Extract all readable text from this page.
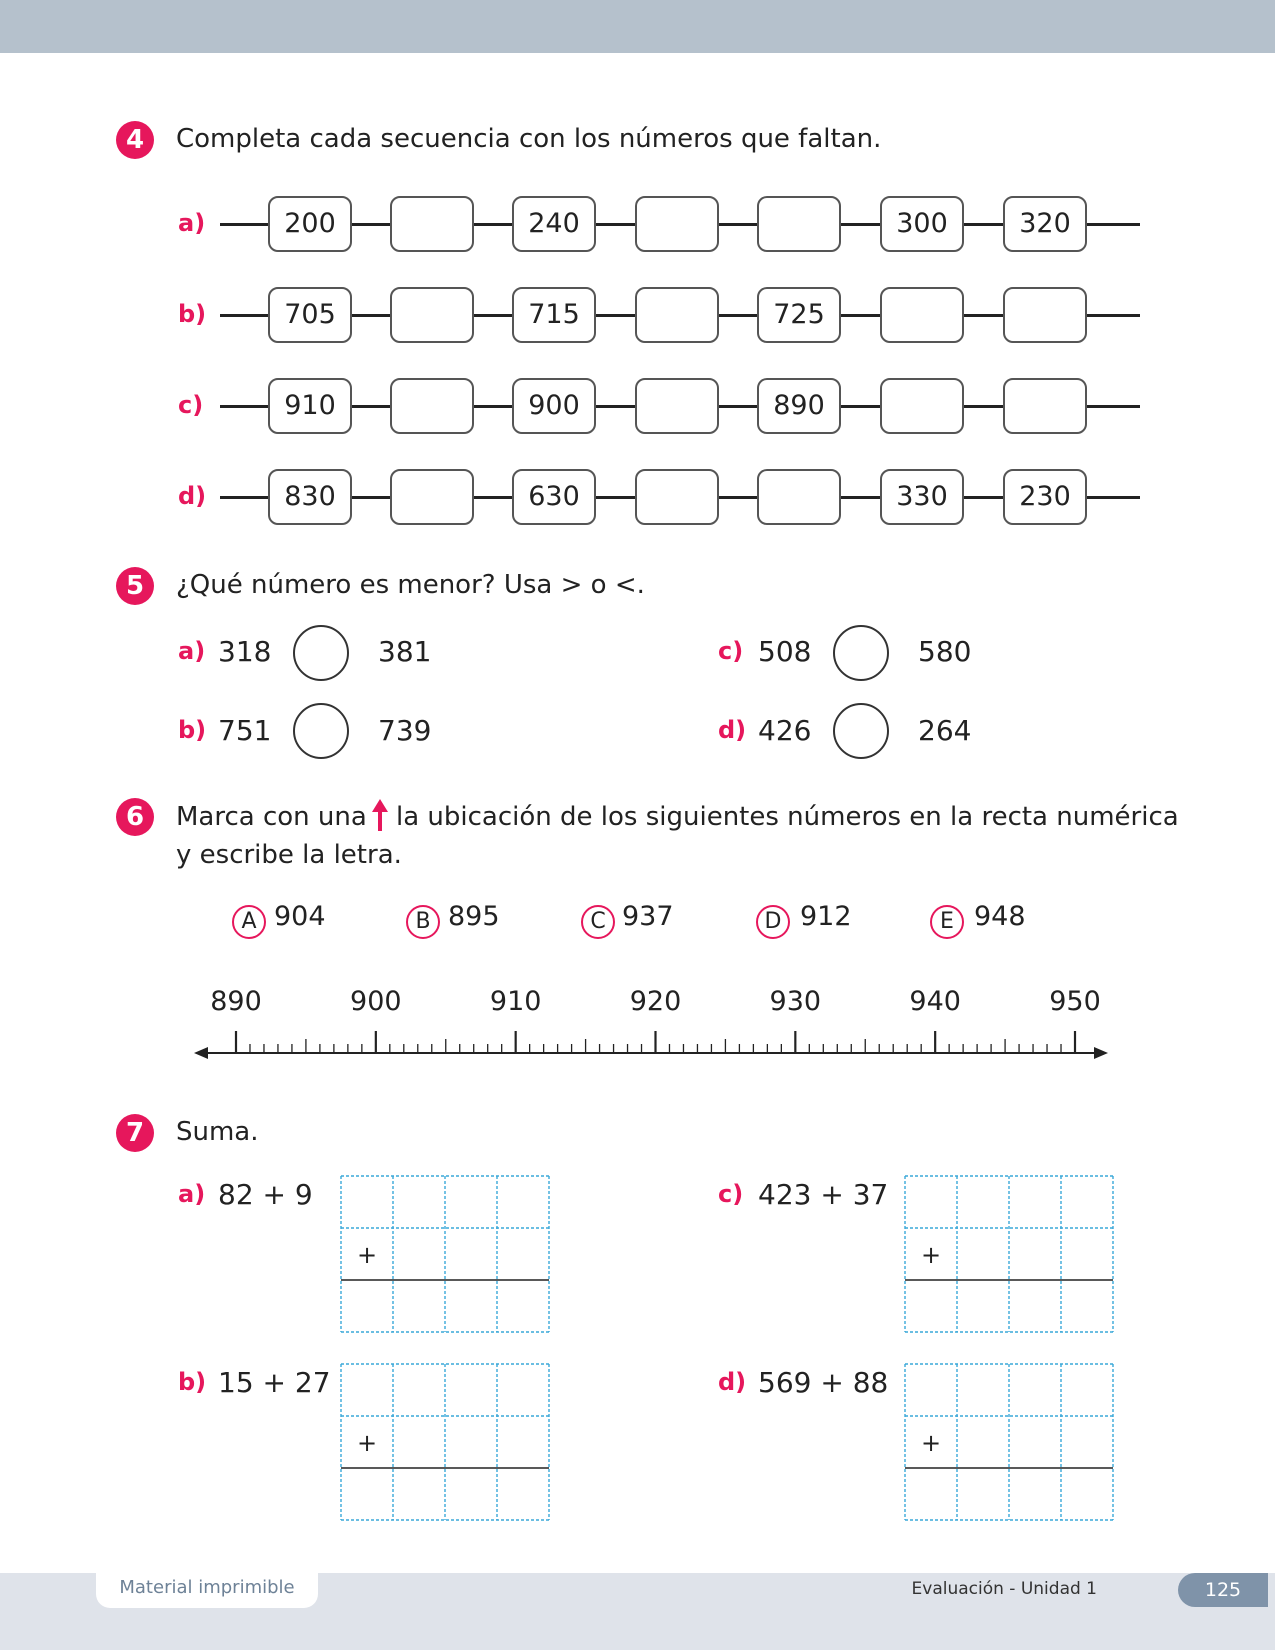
4	Completa cada secuencia con los números que faltan.
a)	200	240	300	320
b)	705	715	725
c)	910	900	890
d)	830	630	330	230
5	¿Qué número es menor? Usa > o <.
a) 318	381
b) 751	739
c) 508	580
d) 426	264
6	Marca con una la ubicación de los siguientes números en la recta numérica
y escribe la letra.
A 904	B 895	C 937	D 912	E 948
890	900	910	920	930	940	950
7	Suma.
a) 82 + 9
+
b) 15 + 27
+
c) 423 + 37
+
d) 569 + 88
+
Material imprimible	Evaluación - Unidad 1	125
